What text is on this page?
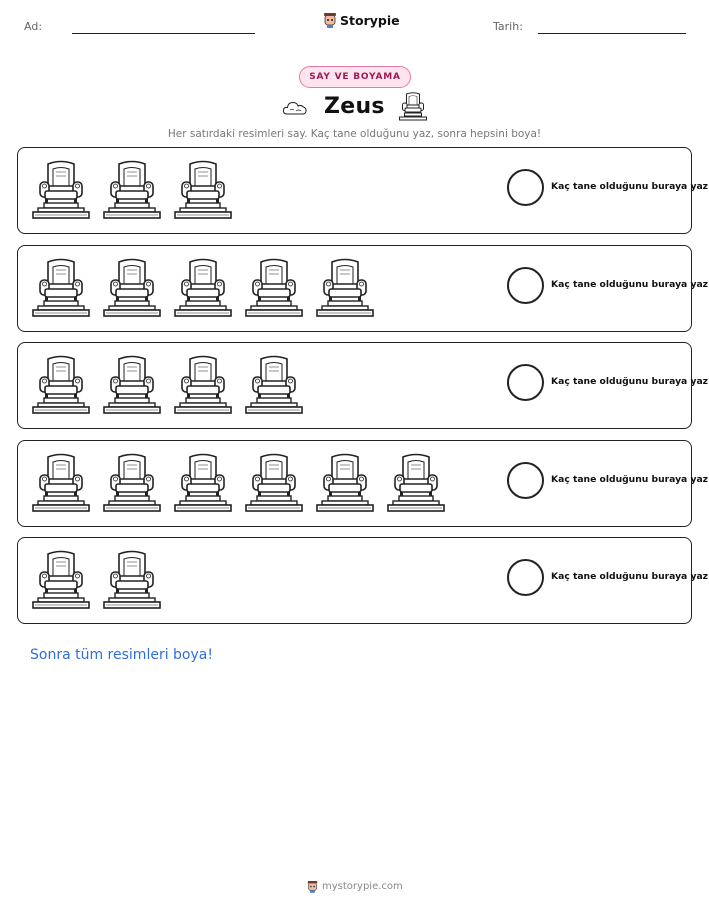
Ad:	Storypie	Tarih:
SAY VE BOYAMA
Zeus
Her satırdaki resimleri say. Kaç tane olduğunu yaz, sonra hepsini boya!
Kaç tane olduğunu buraya yaz
Kaç tane olduğunu buraya yaz
Kaç tane olduğunu buraya yaz
Kaç tane olduğunu buraya yaz
Kaç tane olduğunu buraya yaz
Sonra tüm resimleri boya!
mystorypie.com
